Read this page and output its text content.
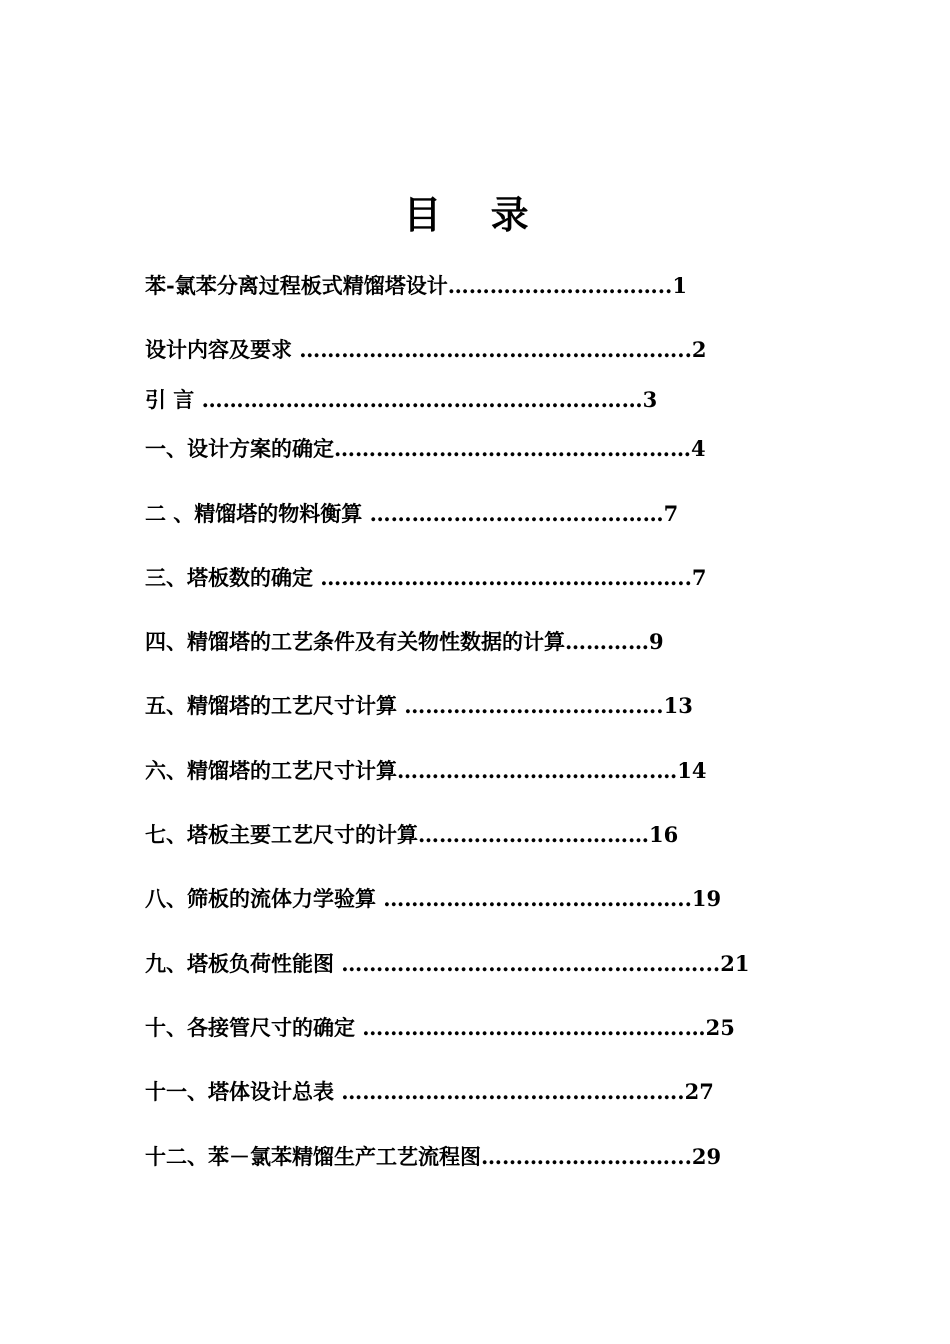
目 录
苯-氯苯分离过程板式精馏塔设计…………………………..1
设计内容及要求 ………………………………………………..2
引 言 ………………………………………………………3
一、设计方案的确定……………………………………………4
二 、精馏塔的物料衡算 ……………………………………7
三、塔板数的确定 ……………………………………………..7
四、精馏塔的工艺条件及有关物性数据的计算…………9
五、精馏塔的工艺尺寸计算 ……………………………….13
六、精馏塔的工艺尺寸计算……………………………….…14
七、塔板主要工艺尺寸的计算……………………………16
八、筛板的流体力学验算 ……………………………………..19
九、塔板负荷性能图 ……………………………………………...21
十、各接管尺寸的确定 ……………………………………….…25
十一、塔体设计总表 ………………………………………….27
十二、苯－氯苯精馏生产工艺流程图………………………...29
